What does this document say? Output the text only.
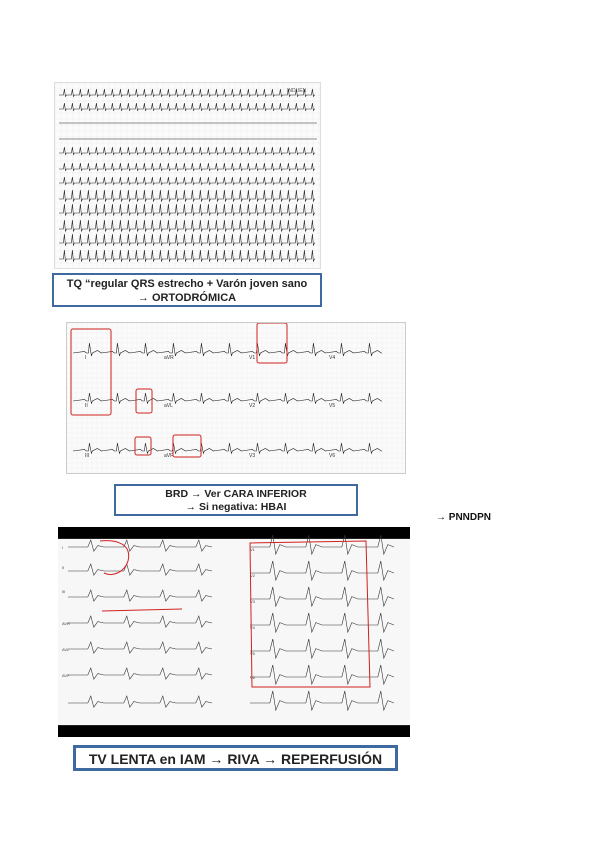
INDUEN
TQ “regular QRS estrecho + Varón joven sano
→ ORTODRÓMICA
I	aVR	V1	V4
II	aVL	V2	V5
III	aVF	V3	V6
BRD → Ver CARA INFERIOR
→ Si negativa: HBAI
→ PNNDPN
I
II
III
AVR
AVL
AVF
V1
V2
V3
V4
V5
V6
TV LENTA en IAM → RIVA → REPERFUSIÓN
